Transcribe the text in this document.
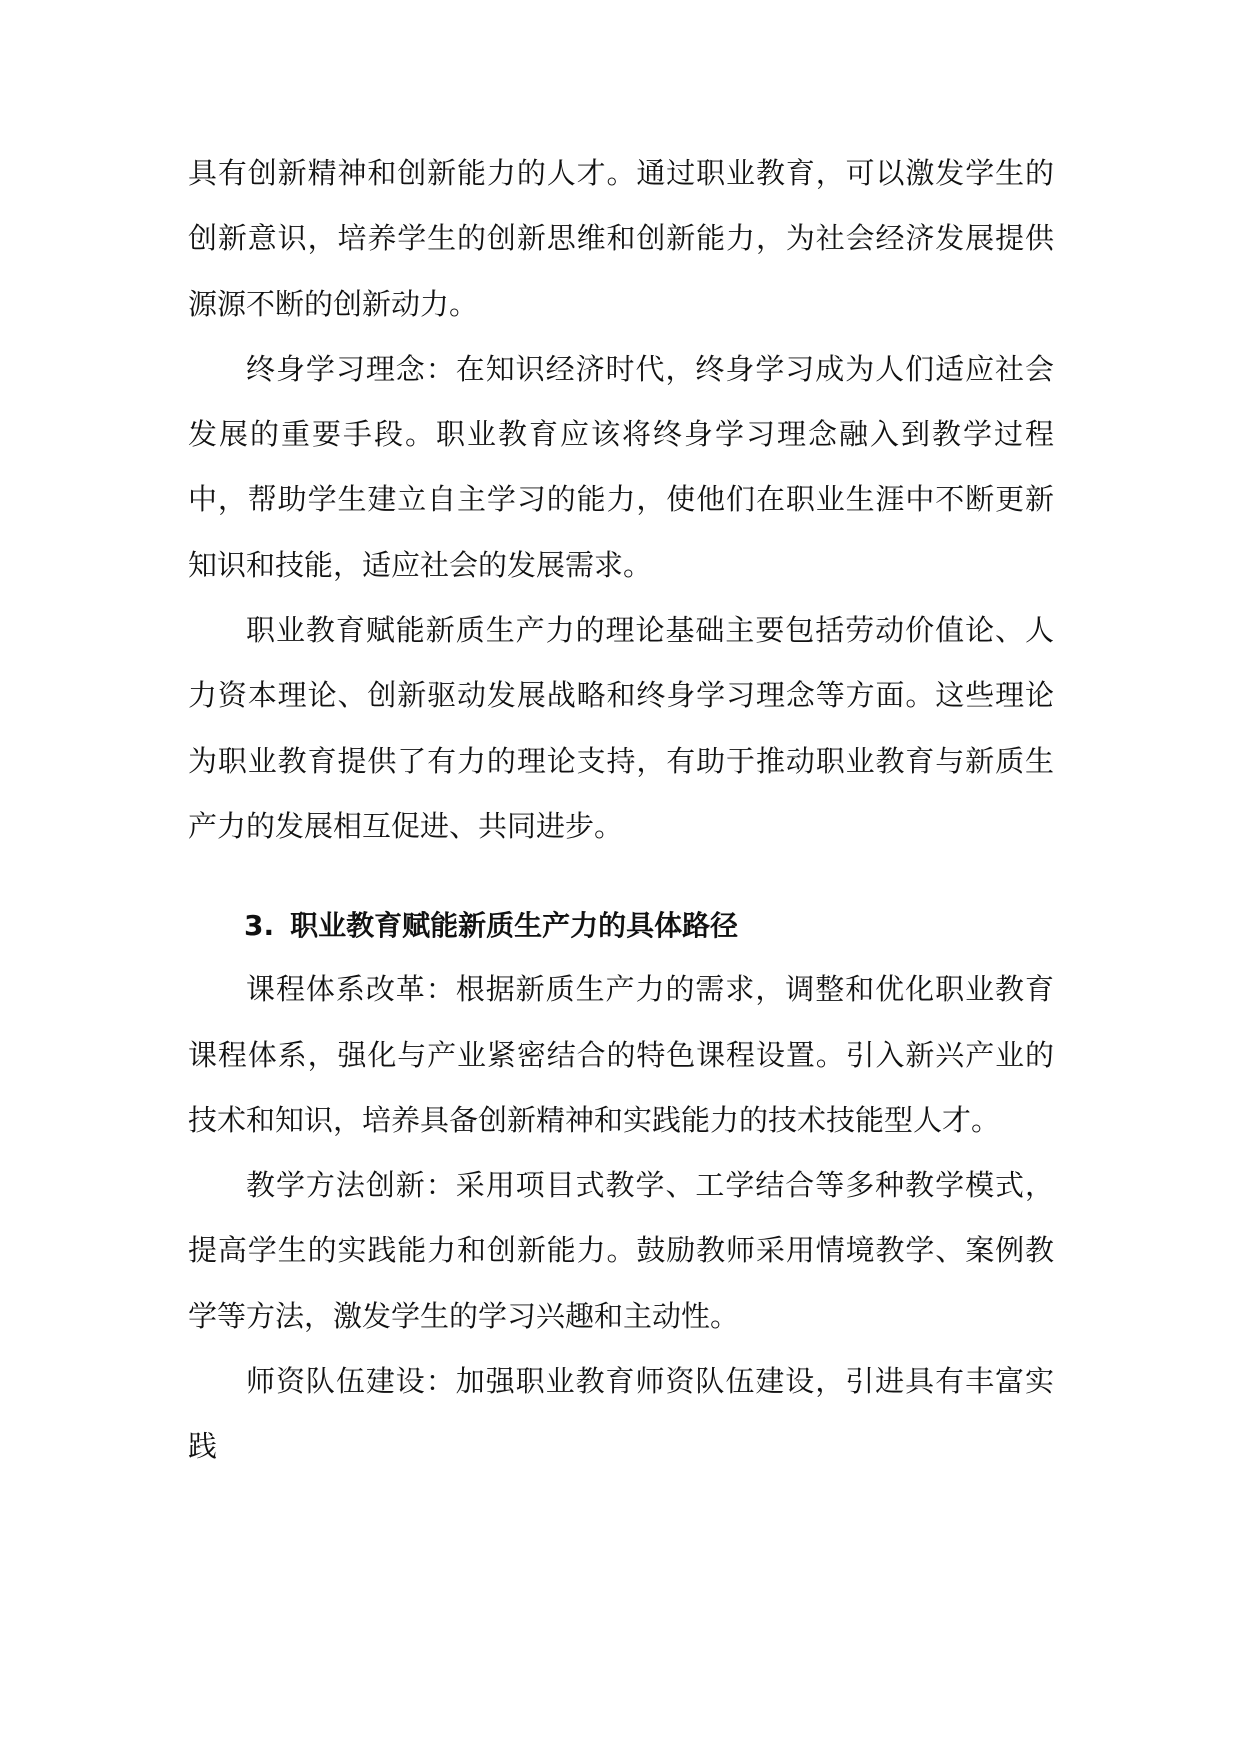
具有创新精神和创新能力的人才。通过职业教育，可以激发学生的创新意识，培养学生的创新思维和创新能力，为社会经济发展提供源源不断的创新动力。

终身学习理念：在知识经济时代，终身学习成为人们适应社会发展的重要手段。职业教育应该将终身学习理念融入到教学过程中，帮助学生建立自主学习的能力，使他们在职业生涯中不断更新知识和技能，适应社会的发展需求。

职业教育赋能新质生产力的理论基础主要包括劳动价值论、人力资本理论、创新驱动发展战略和终身学习理念等方面。这些理论为职业教育提供了有力的理论支持，有助于推动职业教育与新质生产力的发展相互促进、共同进步。

3. 职业教育赋能新质生产力的具体路径

课程体系改革：根据新质生产力的需求，调整和优化职业教育课程体系，强化与产业紧密结合的特色课程设置。引入新兴产业的技术和知识，培养具备创新精神和实践能力的技术技能型人才。

教学方法创新：采用项目式教学、工学结合等多种教学模式，提高学生的实践能力和创新能力。鼓励教师采用情境教学、案例教学等方法，激发学生的学习兴趣和主动性。

师资队伍建设：加强职业教育师资队伍建设，引进具有丰富实践
